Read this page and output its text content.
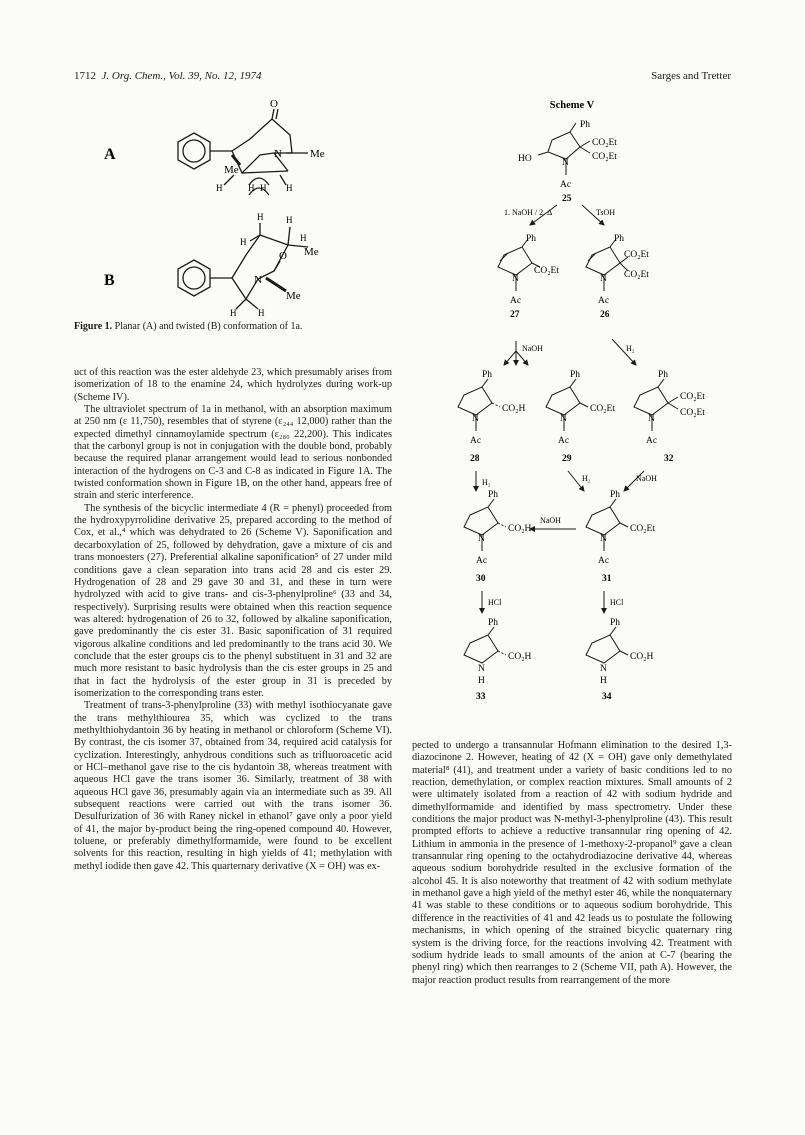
1712 J. Org. Chem., Vol. 39, No. 12, 1974	Sarges and Tretter
A
B
O
N	Me
Me
H	H H H
H
H
H
H
Me
O
N
Me
H H
Figure 1. Planar (A) and twisted (B) conformation of 1a.
Scheme V
Ph
CO₂Et
CO₂Et
HO	N
Ac
25
1. NaOH / 2. Δ	TsOH
Ph
N
CO₂Et
Ac
27
Ph
CO₂Et
CO₂Et
N
Ac
26
NaOH	H₂
Ph
N
CO₂H
Ac
28
Ph
N
CO₂Et
Ac
29
Ph
CO₂Et
CO₂Et
N
Ac
32
H₂	H₂	NaOH
Ph
N
CO₂H
Ac
30
Ph
N
CO₂Et
Ac
31
NaOH
HCl	HCl
Ph
N
H
CO₂H
33
Ph
N
H
CO₂H
34

uct of this reaction was the ester aldehyde 23, which presumably arises from isomerization of 18 to the enamine 24, which hydrolyzes during work-up (Scheme IV).

The ultraviolet spectrum of 1a in methanol, with an absorption maximum at 250 nm (ε 11,750), resembles that of styrene (ε₂₄₄ 12,000) rather than the expected dimethyl cinnamoylamide spectrum (ε₂₈₀ 22,200). This indicates that the carbonyl group is not in conjugation with the double bond, probably because the required planar arrangement would lead to serious nonbonded interaction of the hydrogens on C-3 and C-8 as indicated in Figure 1A. The twisted conformation shown in Figure 1B, on the other hand, appears free of strain and steric interference.

The synthesis of the bicyclic intermediate 4 (R = phenyl) proceeded from the hydroxypyrrolidine derivative 25, prepared according to the method of Cox, et al.,⁴ which was dehydrated to 26 (Scheme V). Saponification and decarboxylation of 25, followed by dehydration, gave a mixture of cis and trans monoesters (27). Preferential alkaline saponification⁵ of 27 under mild conditions gave a clean separation into trans acid 28 and cis ester 29. Hydrogenation of 28 and 29 gave 30 and 31, and these in turn were hydrolyzed with acid to give trans- and cis-3-phenylproline⁶ (33 and 34, respectively). Surprising results were obtained when this reaction sequence was altered: hydrogenation of 26 to 32, followed by alkaline saponification, gave predominantly the cis ester 31. Basic saponification of 31 required vigorous alkaline conditions and led predominantly to the trans acid 30. We conclude that the ester groups cis to the phenyl substituent in 31 and 32 are much more resistant to basic hydrolysis than the cis ester groups in 25 and that in fact the hydrolysis of the ester group in 31 is preceded by isomerization to the corresponding trans ester.

Treatment of trans-3-phenylproline (33) with methyl isothiocyanate gave the trans methylthiourea 35, which was cyclized to the trans methylthiohydantoin 36 by heating in methanol or chloroform (Scheme VI). By contrast, the cis isomer 37, obtained from 34, required acid catalysis for cyclization. Interestingly, anhydrous conditions such as trifluoroacetic acid or HCl–methanol gave rise to the cis hydantoin 38, whereas treatment with aqueous HCl gave the trans isomer 36. Similarly, treatment of 38 with aqueous HCl gave 36, presumably again via an intermediate such as 39. All subsequent reactions were carried out with the trans isomer 36. Desulfurization of 36 with Raney nickel in ethanol⁷ gave only a poor yield of 41, the major by-product being the ring-opened compound 40. However, toluene, or preferably dimethylformamide, were found to be excellent solvents for this reaction, resulting in high yields of 41; methylation with methyl iodide then gave 42. This quarternary derivative (X = OH) was ex-

pected to undergo a transannular Hofmann elimination to the desired 1,3-diazocinone 2. However, heating of 42 (X = OH) gave only demethylated material⁸ (41), and treatment under a variety of basic conditions led to no reaction, demethylation, or complex reaction mixtures. Small amounts of 2 were ultimately isolated from a reaction of 42 with sodium hydride and dimethylformamide and identified by mass spectrometry. Under these conditions the major product was N-methyl-3-phenylproline (43). This result prompted efforts to achieve a reductive transannular ring opening of 42. Lithium in ammonia in the presence of 1-methoxy-2-propanol⁹ gave a clean transannular ring opening to the octahydrodiazocine derivative 44, whereas aqueous sodium borohydride resulted in the exclusive formation of the alcohol 45. It is also noteworthy that treatment of 42 with sodium methylate in methanol gave a high yield of the methyl ester 46, while the nonquaternary 41 was stable to these conditions or to aqueous sodium borohydride. This difference in the reactivities of 41 and 42 leads us to postulate the following mechanisms, in which opening of the strained bicyclic quaternary ring system is the driving force, for the reactions involving 42. Treatment with sodium hydride leads to small amounts of the anion at C-7 (bearing the phenyl ring) which then rearranges to 2 (Scheme VII, path A). However, the major reaction product results from rearrangement of the more
